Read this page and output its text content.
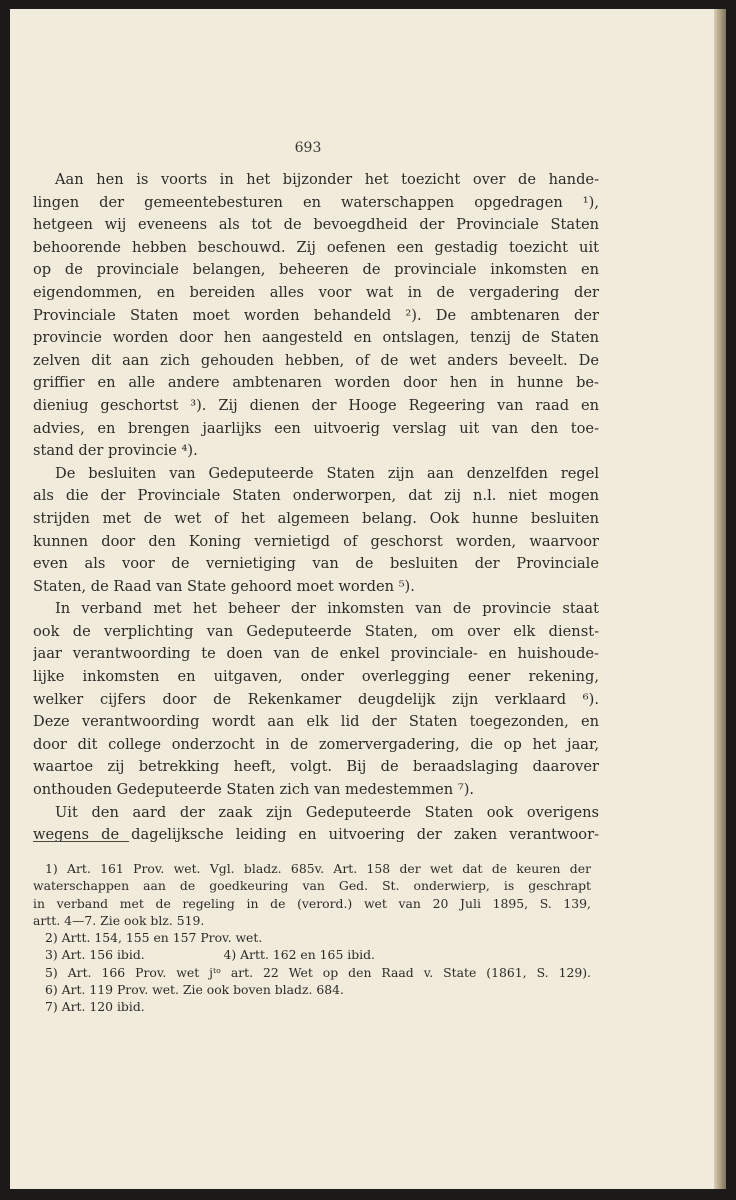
693
Aan hen is voorts in het bijzonder het toezicht over de hande-
lingen der gemeentebesturen en waterschappen opgedragen ¹),
hetgeen wij eveneens als tot de bevoegdheid der Provinciale Staten
behoorende hebben beschouwd. Zij oefenen een gestadig toezicht uit
op de provinciale belangen, beheeren de provinciale inkomsten en
eigendommen, en bereiden alles voor wat in de vergadering der
Provinciale Staten moet worden behandeld ²). De ambtenaren der
provincie worden door hen aangesteld en ontslagen, tenzij de Staten
zelven dit aan zich gehouden hebben, of de wet anders beveelt. De
griffier en alle andere ambtenaren worden door hen in hunne be-
dieniug geschortst ³). Zij dienen der Hooge Regeering van raad en
advies, en brengen jaarlijks een uitvoerig verslag uit van den toe-
stand der provincie ⁴).
De besluiten van Gedeputeerde Staten zijn aan denzelfden regel
als die der Provinciale Staten onderworpen, dat zij n.l. niet mogen
strijden met de wet of het algemeen belang. Ook hunne besluiten
kunnen door den Koning vernietigd of geschorst worden, waarvoor
even als voor de vernietiging van de besluiten der Provinciale
Staten, de Raad van State gehoord moet worden ⁵).
In verband met het beheer der inkomsten van de provincie staat
ook de verplichting van Gedeputeerde Staten, om over elk dienst-
jaar verantwoording te doen van de enkel provinciale- en huishoude-
lijke inkomsten en uitgaven, onder overlegging eener rekening,
welker cijfers door de Rekenkamer deugdelijk zijn verklaard ⁶).
Deze verantwoording wordt aan elk lid der Staten toegezonden, en
door dit college onderzocht in de zomervergadering, die op het jaar,
waartoe zij betrekking heeft, volgt. Bij de beraadslaging daarover
onthouden Gedeputeerde Staten zich van medestemmen ⁷).
Uit den aard der zaak zijn Gedeputeerde Staten ook overigens
wegens de dagelijksche leiding en uitvoering der zaken verantwoor-
1) Art. 161 Prov. wet. Vgl. bladz. 685v. Art. 158 der wet dat de keuren der
waterschappen aan de goedkeuring van Ged. St. onderwierp, is geschrapt
in verband met de regeling in de (verord.) wet van 20 Juli 1895, S. 139,
artt. 4—7. Zie ook blz. 519.
2) Artt. 154, 155 en 157 Prov. wet.
3) Art. 156 ibid.                    4) Artt. 162 en 165 ibid.
5) Art. 166 Prov. wet jᵗᵒ art. 22 Wet op den Raad v. State (1861, S. 129).
6) Art. 119 Prov. wet. Zie ook boven bladz. 684.
7) Art. 120 ibid.
